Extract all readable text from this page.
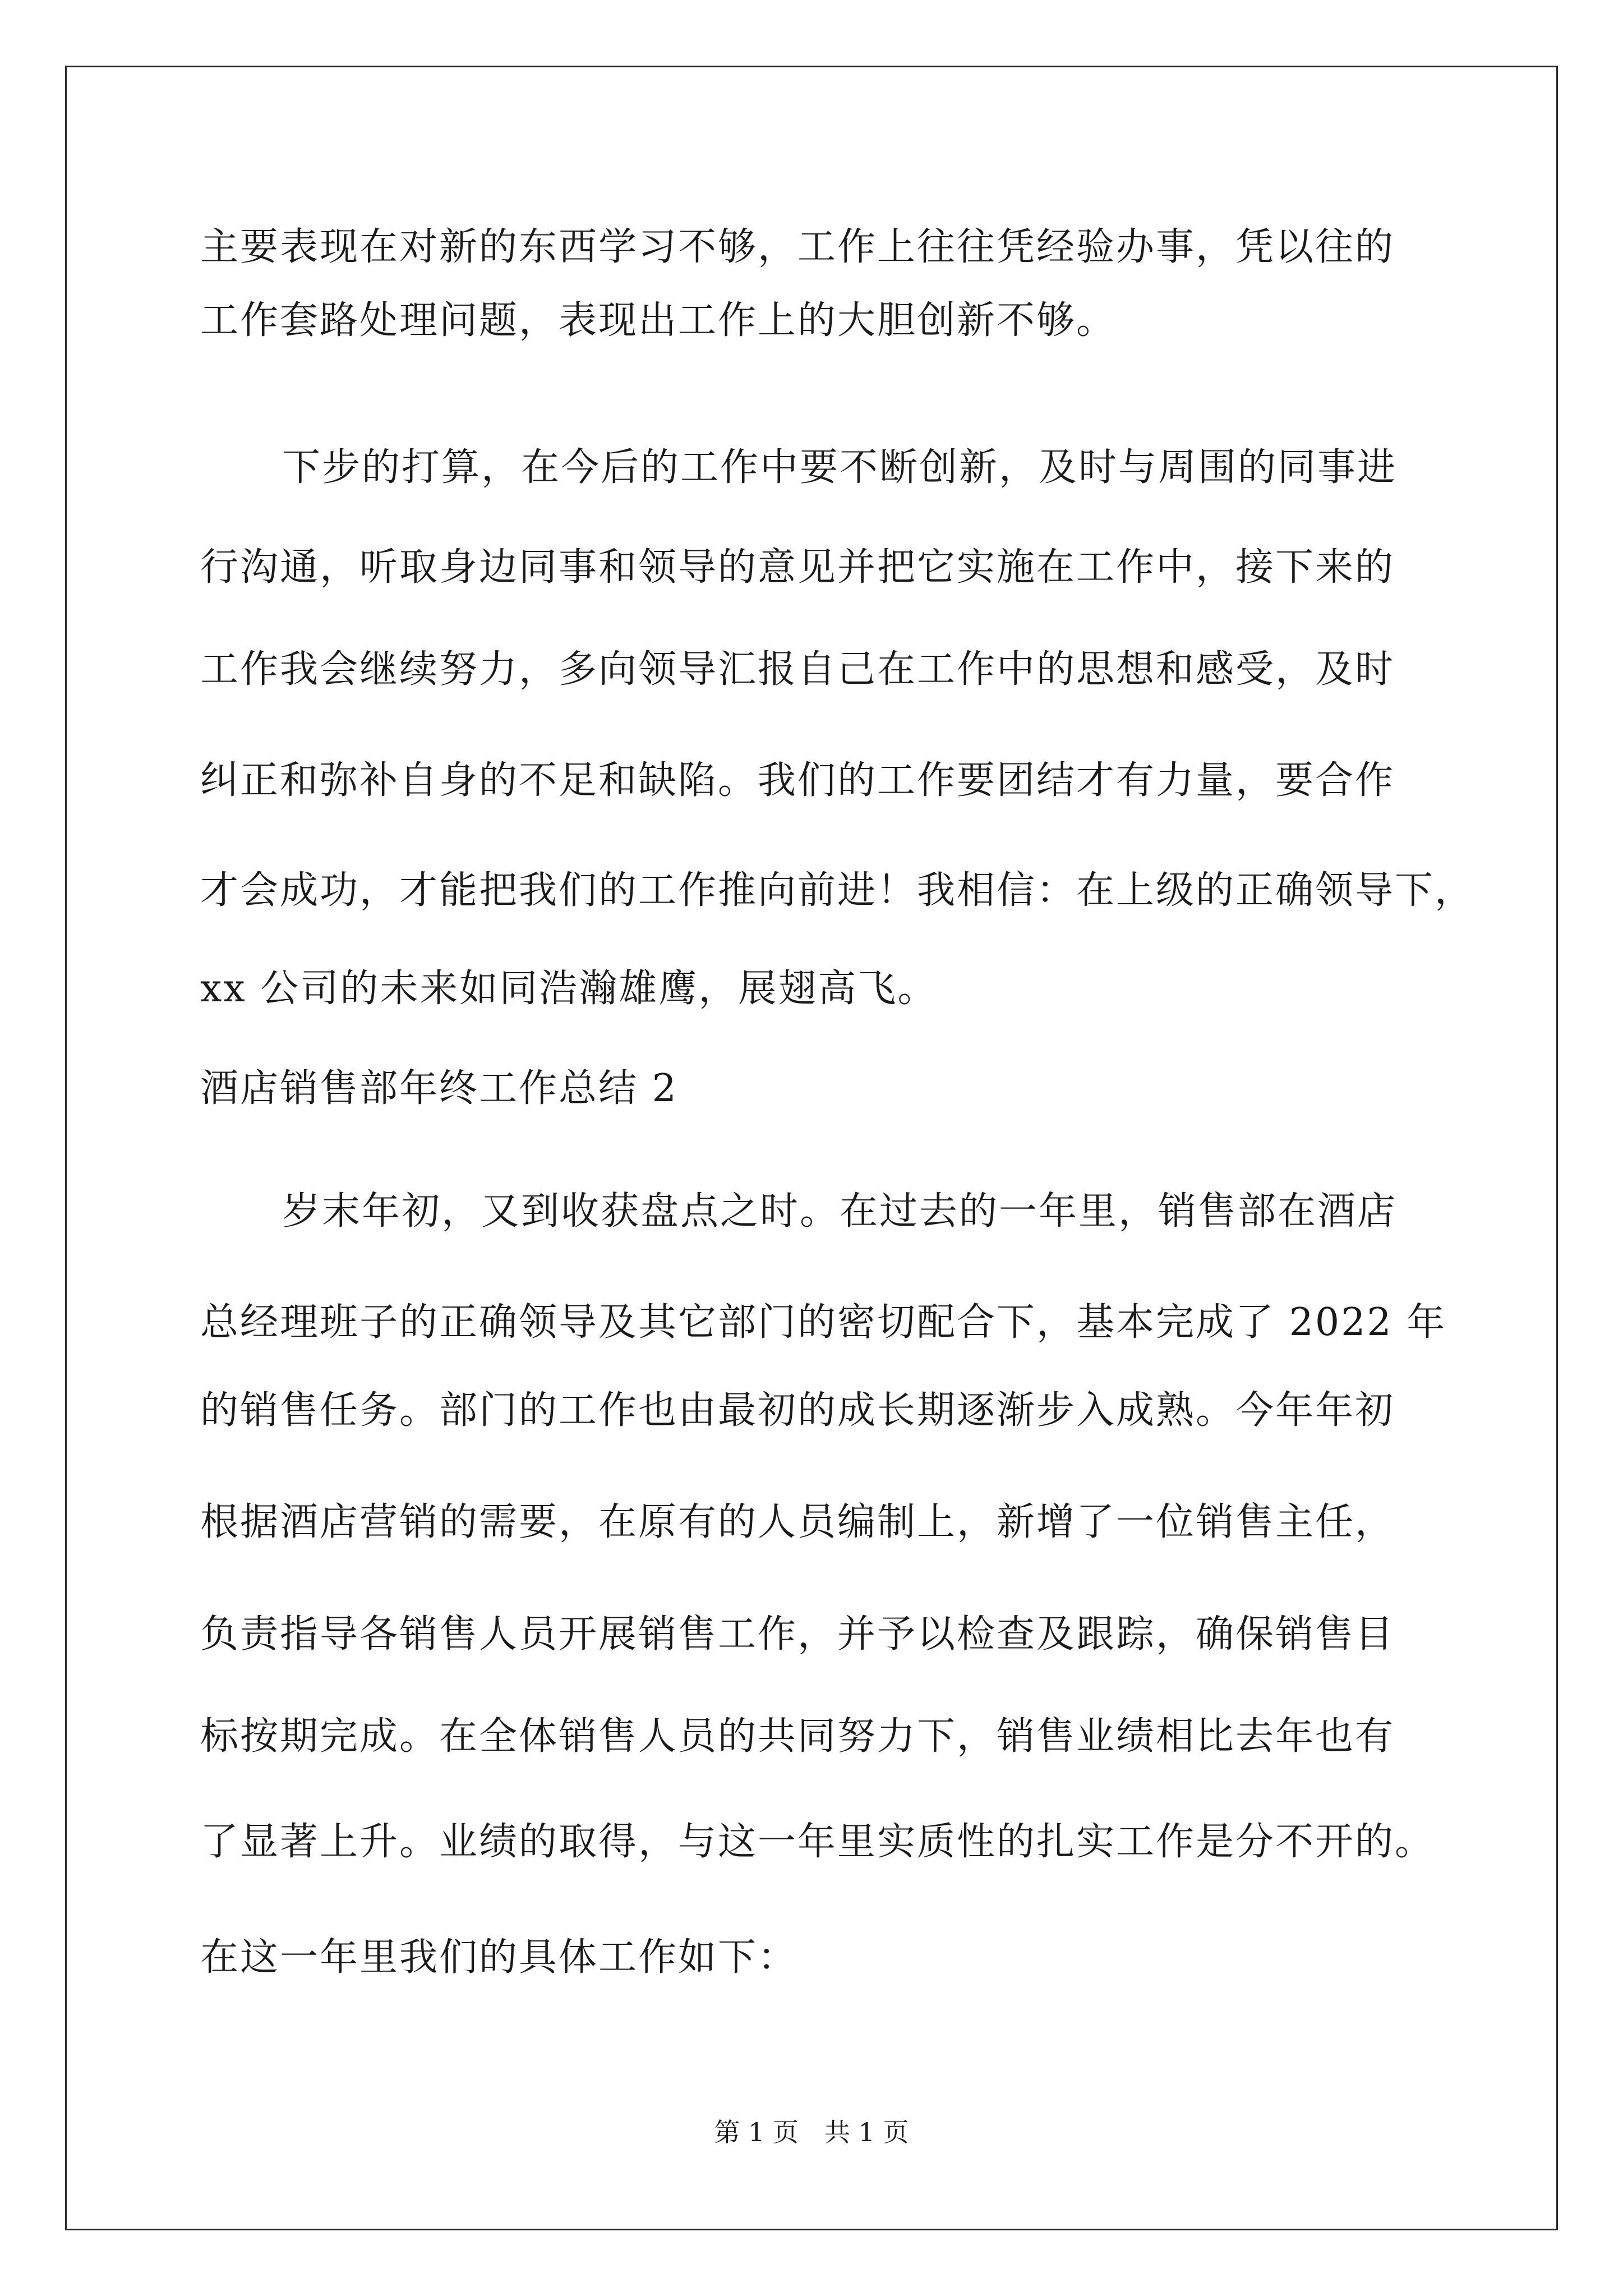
主要表现在对新的东西学习不够，工作上往往凭经验办事，凭以往的
工作套路处理问题，表现出工作上的大胆创新不够。
下步的打算，在今后的工作中要不断创新，及时与周围的同事进
行沟通，听取身边同事和领导的意见并把它实施在工作中，接下来的
工作我会继续努力，多向领导汇报自己在工作中的思想和感受，及时
纠正和弥补自身的不足和缺陷。我们的工作要团结才有力量，要合作
才会成功，才能把我们的工作推向前进！我相信：在上级的正确领导下，
xx 公司的未来如同浩瀚雄鹰，展翅高飞。
酒店销售部年终工作总结 2
岁末年初，又到收获盘点之时。在过去的一年里，销售部在酒店
总经理班子的正确领导及其它部门的密切配合下，基本完成了 2022 年
的销售任务。部门的工作也由最初的成长期逐渐步入成熟。今年年初
根据酒店营销的需要，在原有的人员编制上，新增了一位销售主任，
负责指导各销售人员开展销售工作，并予以检查及跟踪，确保销售目
标按期完成。在全体销售人员的共同努力下，销售业绩相比去年也有
了显著上升。业绩的取得，与这一年里实质性的扎实工作是分不开的。
在这一年里我们的具体工作如下：
第 1 页 共 1 页
